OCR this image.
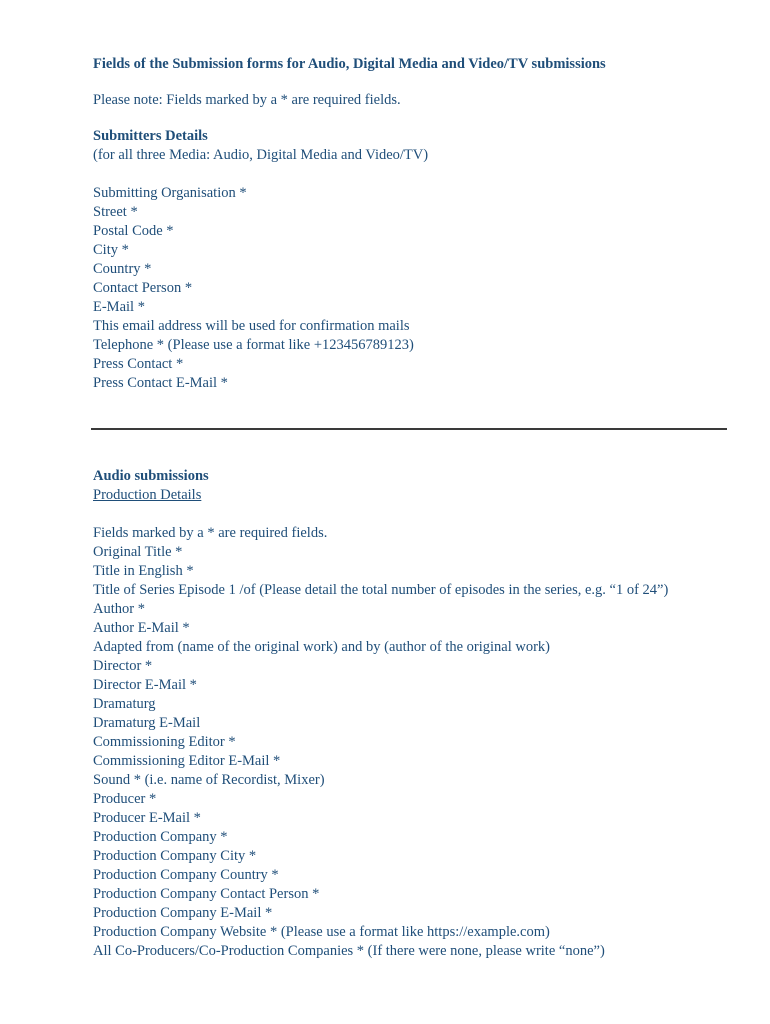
Fields of the Submission forms for Audio, Digital Media and Video/TV submissions
Please note: Fields marked by a * are required fields.
Submitters Details
(for all three Media: Audio, Digital Media and Video/TV)
Submitting Organisation *
Street *
Postal Code *
City *
Country *
Contact Person *
E-Mail *
This email address will be used for confirmation mails
Telephone * (Please use a format like +123456789123)
Press Contact *
Press Contact E-Mail *
Audio submissions
Production Details
Fields marked by a * are required fields.
Original Title *
Title in English *
Title of Series Episode 1 /of (Please detail the total number of episodes in the series, e.g. “1 of 24”)
Author *
Author E-Mail *
Adapted from (name of the original work) and by (author of the original work)
Director *
Director E-Mail *
Dramaturg
Dramaturg E-Mail
Commissioning Editor *
Commissioning Editor E-Mail *
Sound * (i.e. name of Recordist, Mixer)
Producer *
Producer E-Mail *
Production Company *
Production Company City *
Production Company Country *
Production Company Contact Person *
Production Company E-Mail *
Production Company Website * (Please use a format like https://example.com)
All Co-Producers/Co-Production Companies * (If there were none, please write “none”)
